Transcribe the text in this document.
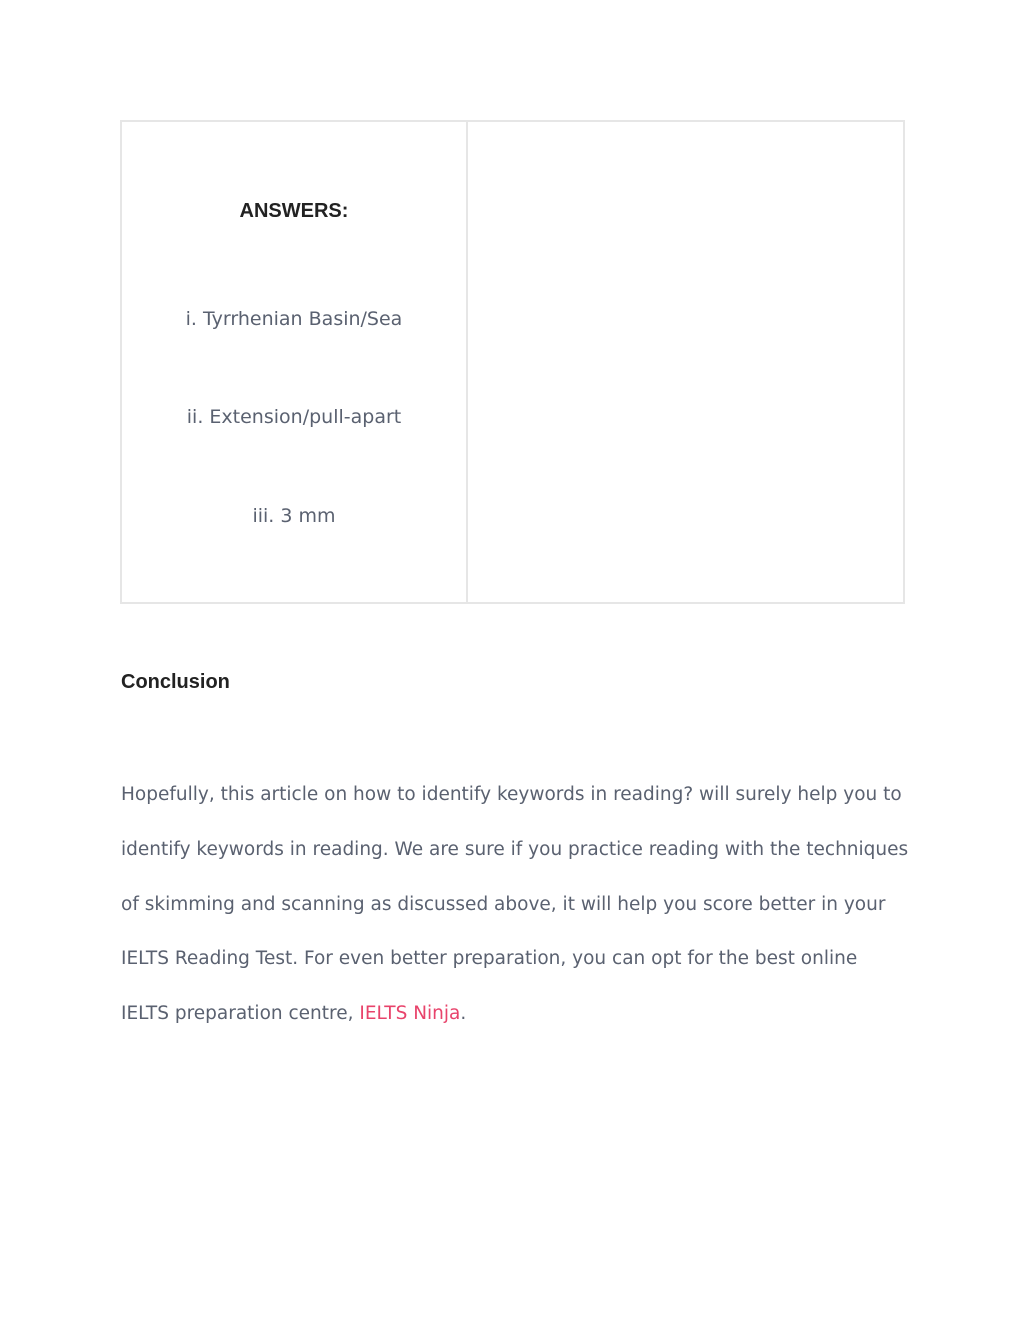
ANSWERS:

i. Tyrrhenian Basin/Sea

ii. Extension/pull-apart

iii. 3 mm

Conclusion

Hopefully, this article on how to identify keywords in reading? will surely help you to identify keywords in reading. We are sure if you practice reading with the techniques of skimming and scanning as discussed above, it will help you score better in your IELTS Reading Test. For even better preparation, you can opt for the best online IELTS preparation centre, IELTS Ninja.
